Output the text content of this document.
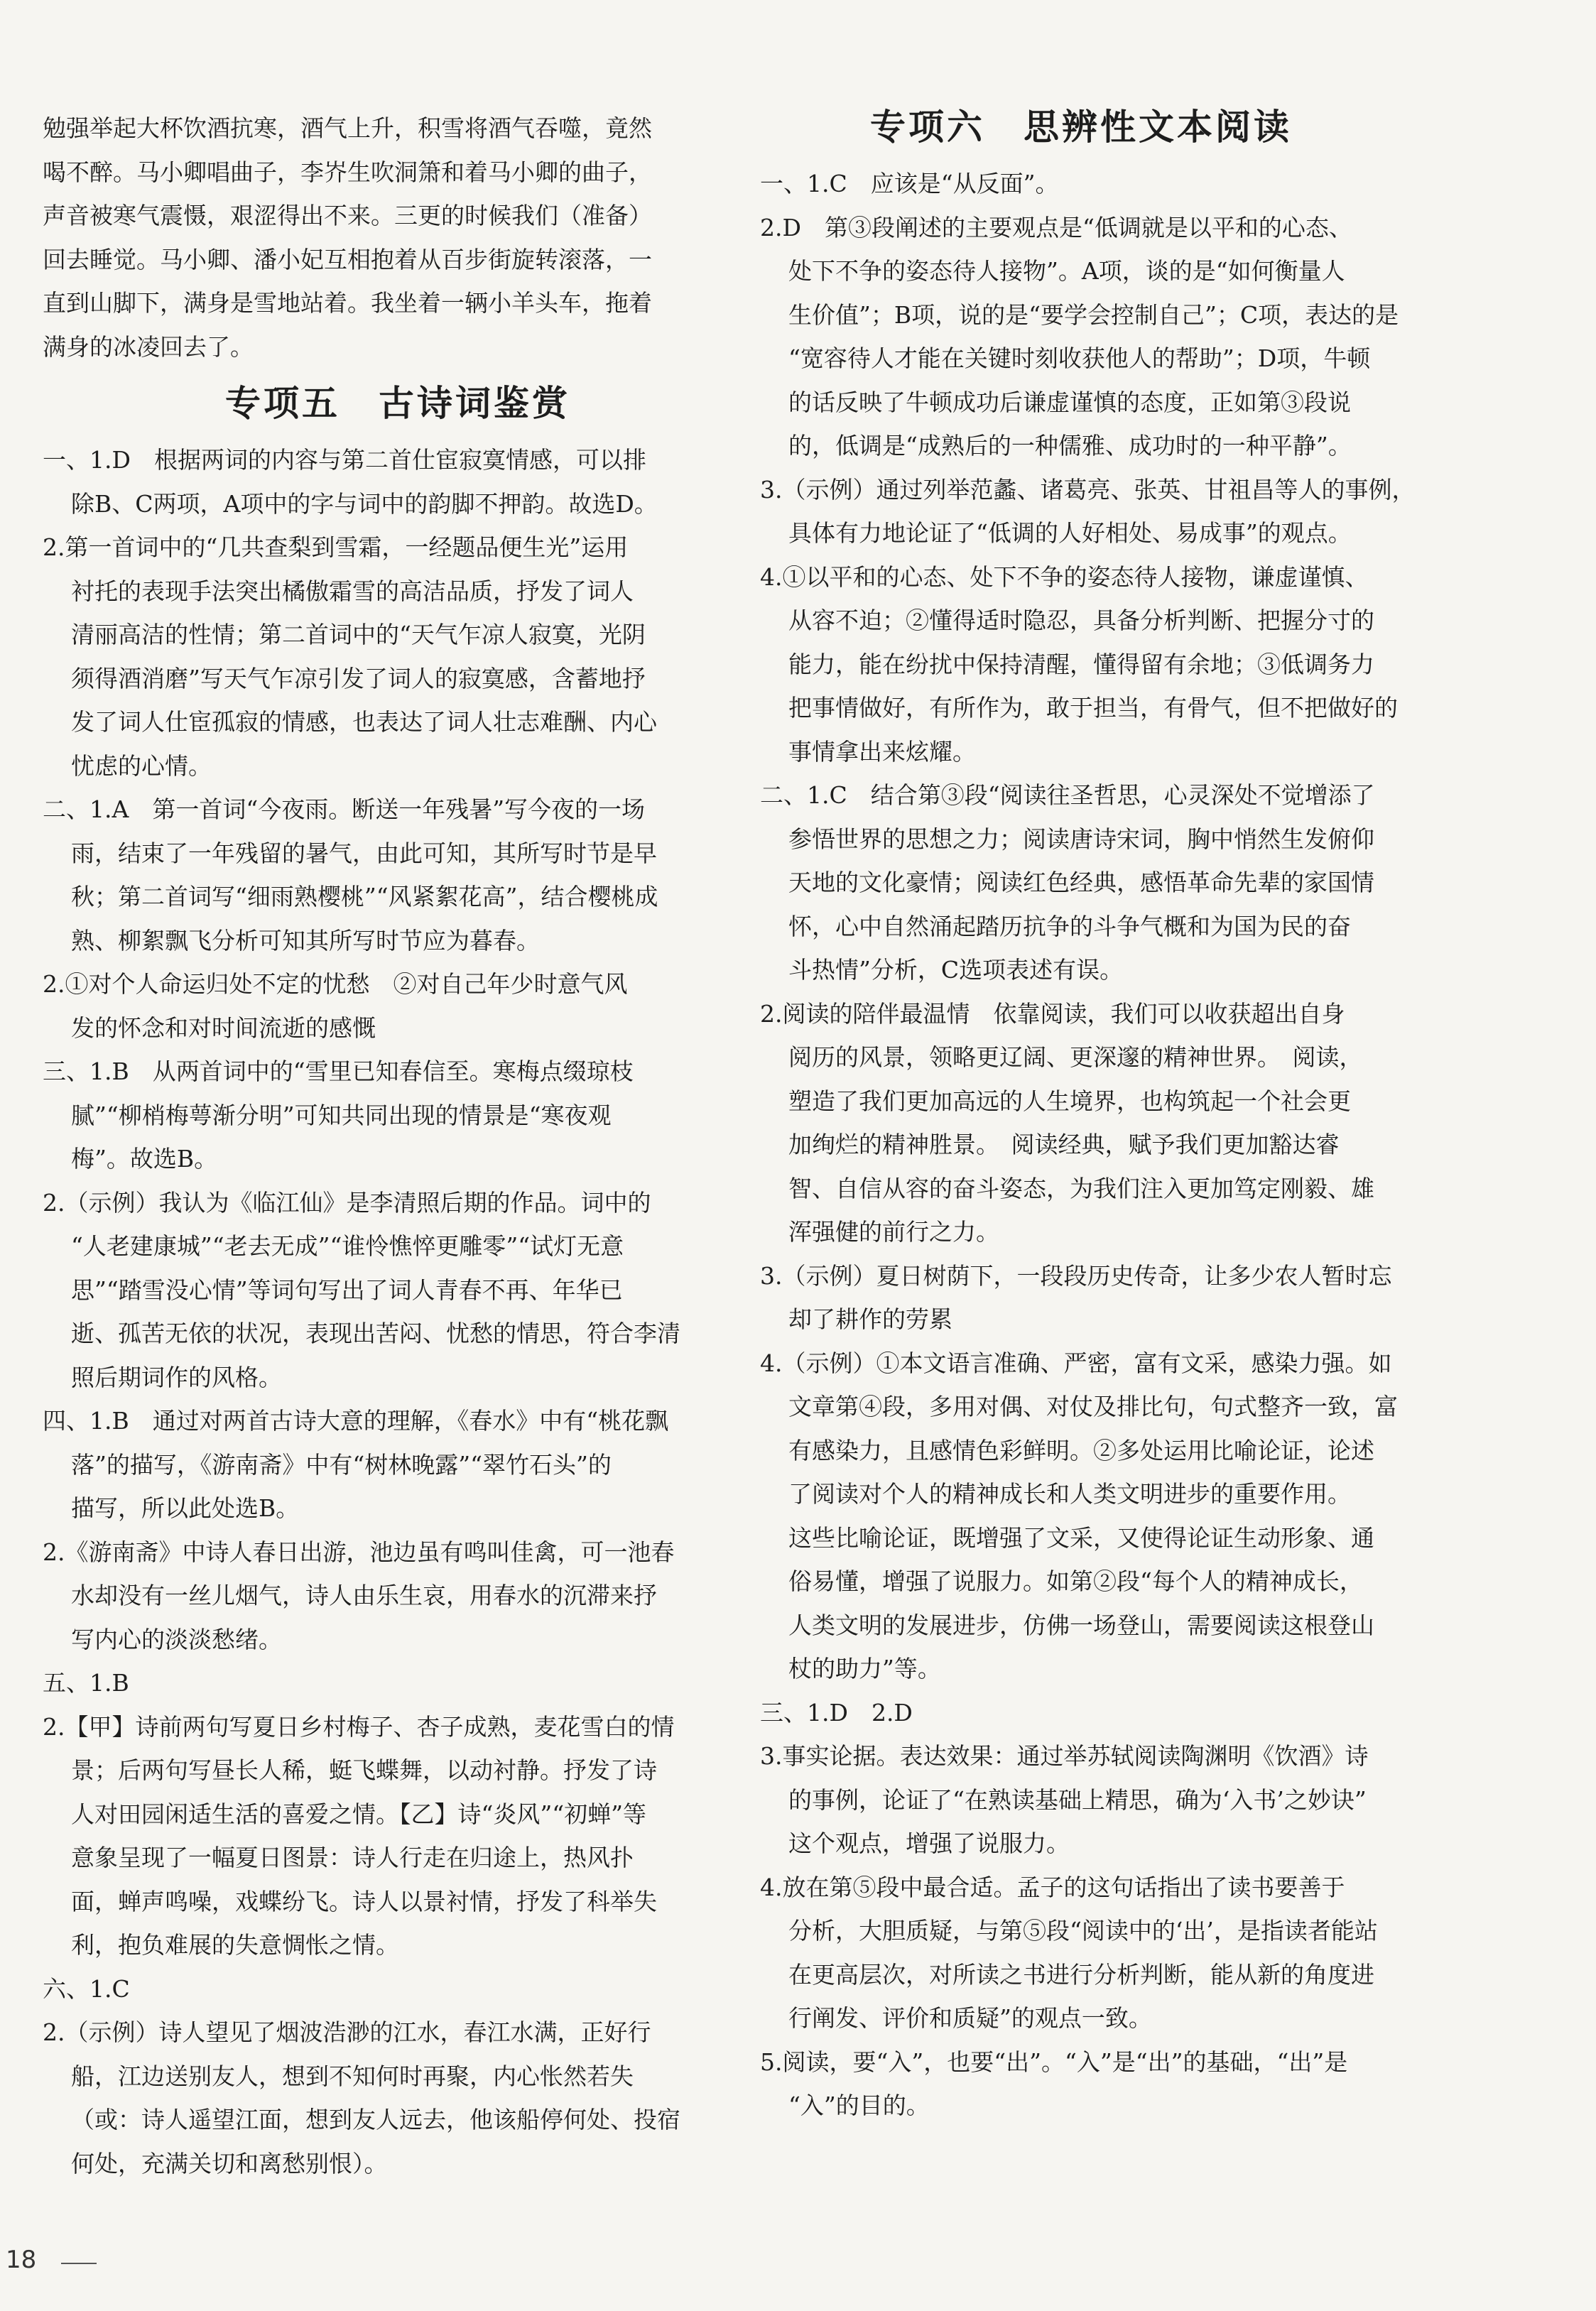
勉强举起大杯饮酒抗寒，酒气上升，积雪将酒气吞噬，竟然
喝不醉。马小卿唱曲子，李岕生吹洞箫和着马小卿的曲子，
声音被寒气震慑，艰涩得出不来。三更的时候我们（准备）
回去睡觉。马小卿、潘小妃互相抱着从百步街旋转滚落，一
直到山脚下，满身是雪地站着。我坐着一辆小羊头车，拖着
满身的冰凌回去了。
专项五　古诗词鉴赏
一、1.D　根据两词的内容与第二首仕宦寂寞情感，可以排
除B、C两项，A项中的字与词中的韵脚不押韵。故选D。
2.第一首词中的“几共查梨到雪霜，一经题品便生光”运用
衬托的表现手法突出橘傲霜雪的高洁品质，抒发了词人
清丽高洁的性情；第二首词中的“天气乍凉人寂寞，光阴
须得酒消磨”写天气乍凉引发了词人的寂寞感，含蓄地抒
发了词人仕宦孤寂的情感，也表达了词人壮志难酬、内心
忧虑的心情。
二、1.A　第一首词“今夜雨。断送一年残暑”写今夜的一场
雨，结束了一年残留的暑气，由此可知，其所写时节是早
秋；第二首词写“细雨熟樱桃”“风紧絮花高”，结合樱桃成
熟、柳絮飘飞分析可知其所写时节应为暮春。
2.①对个人命运归处不定的忧愁　②对自己年少时意气风
发的怀念和对时间流逝的感慨
三、1.B　从两首词中的“雪里已知春信至。寒梅点缀琼枝
腻”“柳梢梅萼渐分明”可知共同出现的情景是“寒夜观
梅”。故选B。
2.（示例）我认为《临江仙》是李清照后期的作品。词中的
“人老建康城”“老去无成”“谁怜憔悴更雕零”“试灯无意
思”“踏雪没心情”等词句写出了词人青春不再、年华已
逝、孤苦无依的状况，表现出苦闷、忧愁的情思，符合李清
照后期词作的风格。
四、1.B　通过对两首古诗大意的理解，《春水》中有“桃花飘
落”的描写，《游南斋》中有“树林晚露”“翠竹石头”的
描写，所以此处选B。
2.《游南斋》中诗人春日出游，池边虽有鸣叫佳禽，可一池春
水却没有一丝儿烟气，诗人由乐生哀，用春水的沉滞来抒
写内心的淡淡愁绪。
五、1.B
2.【甲】诗前两句写夏日乡村梅子、杏子成熟，麦花雪白的情
景；后两句写昼长人稀，蜓飞蝶舞，以动衬静。抒发了诗
人对田园闲适生活的喜爱之情。【乙】诗“炎风”“初蝉”等
意象呈现了一幅夏日图景：诗人行走在归途上，热风扑
面，蝉声鸣噪，戏蝶纷飞。诗人以景衬情，抒发了科举失
利，抱负难展的失意惆怅之情。
六、1.C
2.（示例）诗人望见了烟波浩渺的江水，春江水满，正好行
船，江边送别友人，想到不知何时再聚，内心怅然若失
（或：诗人遥望江面，想到友人远去，他该船停何处、投宿
何处，充满关切和离愁别恨）。
专项六　思辨性文本阅读
一、1.C　应该是“从反面”。
2.D　第③段阐述的主要观点是“低调就是以平和的心态、
处下不争的姿态待人接物”。A项，谈的是“如何衡量人
生价值”；B项，说的是“要学会控制自己”；C项，表达的是
“宽容待人才能在关键时刻收获他人的帮助”；D项，牛顿
的话反映了牛顿成功后谦虚谨慎的态度，正如第③段说
的，低调是“成熟后的一种儒雅、成功时的一种平静”。
3.（示例）通过列举范蠡、诸葛亮、张英、甘祖昌等人的事例，
具体有力地论证了“低调的人好相处、易成事”的观点。
4.①以平和的心态、处下不争的姿态待人接物，谦虚谨慎、
从容不迫；②懂得适时隐忍，具备分析判断、把握分寸的
能力，能在纷扰中保持清醒，懂得留有余地；③低调务力
把事情做好，有所作为，敢于担当，有骨气，但不把做好的
事情拿出来炫耀。
二、1.C　结合第③段“阅读往圣哲思，心灵深处不觉增添了
参悟世界的思想之力；阅读唐诗宋词，胸中悄然生发俯仰
天地的文化豪情；阅读红色经典，感悟革命先辈的家国情
怀，心中自然涌起踏历抗争的斗争气概和为国为民的奋
斗热情”分析，C选项表述有误。
2.阅读的陪伴最温情　依靠阅读，我们可以收获超出自身
阅历的风景，领略更辽阔、更深邃的精神世界。　阅读，
塑造了我们更加高远的人生境界，也构筑起一个社会更
加绚烂的精神胜景。　阅读经典，赋予我们更加豁达睿
智、自信从容的奋斗姿态，为我们注入更加笃定刚毅、雄
浑强健的前行之力。
3.（示例）夏日树荫下，一段段历史传奇，让多少农人暂时忘
却了耕作的劳累
4.（示例）①本文语言准确、严密，富有文采，感染力强。如
文章第④段，多用对偶、对仗及排比句，句式整齐一致，富
有感染力，且感情色彩鲜明。②多处运用比喻论证，论述
了阅读对个人的精神成长和人类文明进步的重要作用。
这些比喻论证，既增强了文采，又使得论证生动形象、通
俗易懂，增强了说服力。如第②段“每个人的精神成长，
人类文明的发展进步，仿佛一场登山，需要阅读这根登山
杖的助力”等。
三、1.D　2.D
3.事实论据。表达效果：通过举苏轼阅读陶渊明《饮酒》诗
的事例，论证了“在熟读基础上精思，确为‘入书’之妙诀”
这个观点，增强了说服力。
4.放在第⑤段中最合适。孟子的这句话指出了读书要善于
分析，大胆质疑，与第⑤段“阅读中的‘出’，是指读者能站
在更高层次，对所读之书进行分析判断，能从新的角度进
行阐发、评价和质疑”的观点一致。
5.阅读，要“入”，也要“出”。“入”是“出”的基础，“出”是
“入”的目的。
18
